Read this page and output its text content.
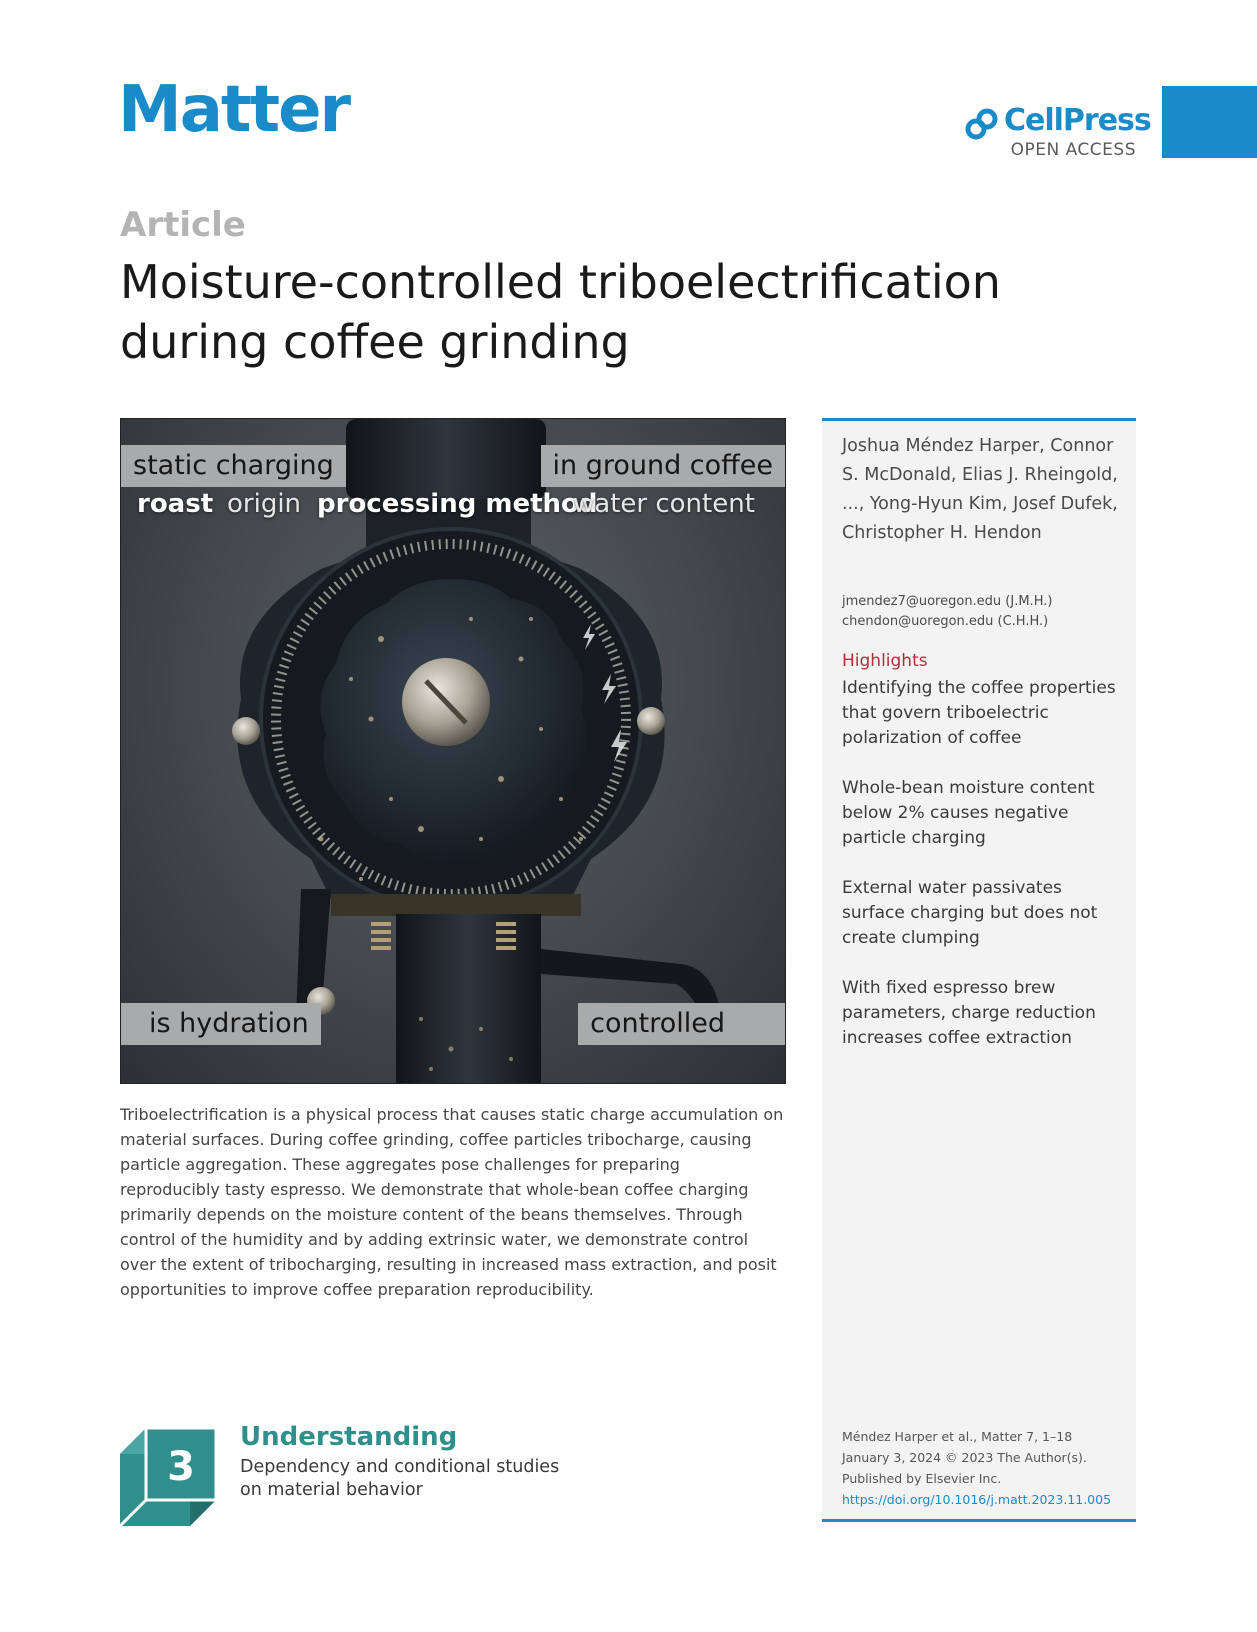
Matter	CellPress
OPEN ACCESS
Article
Moisture-controlled triboelectrification during coffee grinding
static charging	in ground coffee
roast origin processing method
water content
is hydration	controlled

Triboelectrification is a physical process that causes static charge accumulation on material surfaces. During coffee grinding, coffee particles tribocharge, causing particle aggregation. These aggregates pose challenges for preparing reproducibly tasty espresso. We demonstrate that whole-bean coffee charging primarily depends on the moisture content of the beans themselves. Through control of the humidity and by adding extrinsic water, we demonstrate control over the extent of tribocharging, resulting in increased mass extraction, and posit opportunities to improve coffee preparation reproducibility.

Joshua Méndez Harper, Connor S. McDonald, Elias J. Rheingold, ..., Yong-Hyun Kim, Josef Dufek, Christopher H. Hendon

jmendez7@uoregon.edu (J.M.H.)
chendon@uoregon.edu (C.H.H.)
Highlights
Identifying the coffee properties that govern triboelectric polarization of coffee
Whole-bean moisture content below 2% causes negative particle charging
External water passivates surface charging but does not create clumping
With fixed espresso brew parameters, charge reduction increases coffee extraction
Méndez Harper et al., Matter 7, 1–18
January 3, 2024 © 2023 The Author(s).
Published by Elsevier Inc.
https://doi.org/10.1016/j.matt.2023.11.005
3
Understanding
Dependency and conditional studies on material behavior
